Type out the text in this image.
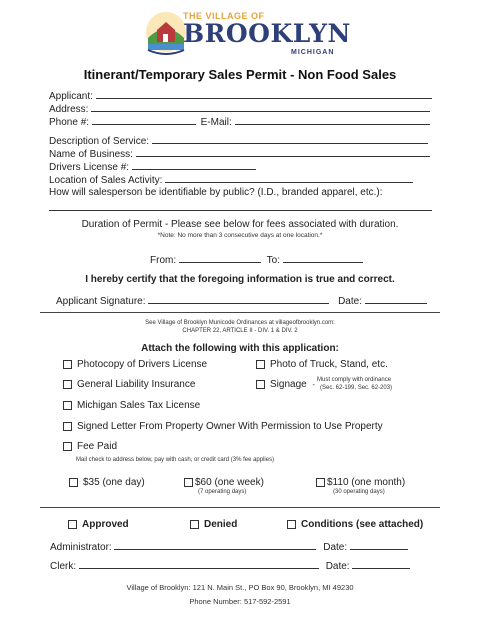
THE VILLAGE OF
BROOKLYN
MICHIGAN
Itinerant/Temporary Sales Permit - Non Food Sales
Applicant:
Address:
Phone #:	E-Mail:
Description of Service:
Name of Business:
Drivers License #:
Location of Sales Activity:
How will salesperson be identifiable by public? (I.D., branded apparel, etc.):
Duration of Permit - Please see below for fees associated with duration.
*Note: No more than 3 consecutive days at one location.*
From:	To:
I hereby certify that the foregoing information is true and correct.
Applicant Signature:	Date:
See Village of Brooklyn Municode Ordinances at villageofbrooklyn.com:
CHAPTER 22, ARTICLE II - DIV. 1 & DIV. 2
Attach the following with this application:
Photocopy of Drivers License	Photo of Truck, Stand, etc.
General Liability Insurance	Signage -
Must comply with ordinance
(Sec. 62-199, Sec. 62-203)
Michigan Sales Tax License
Signed Letter From Property Owner With Permission to Use Property
Fee Paid
Mail check to address below, pay with cash, or credit card (3% fee applies)
$35 (one day)	$60 (one week)
(7 operating days)
$110 (one month)
(30 operating days)
Approved	Denied	Conditions (see attached)
Administrator:	Date:
Clerk:	Date:
Village of Brooklyn: 121 N. Main St., PO Box 90, Brooklyn, MI 49230
Phone Number: 517-592-2591
